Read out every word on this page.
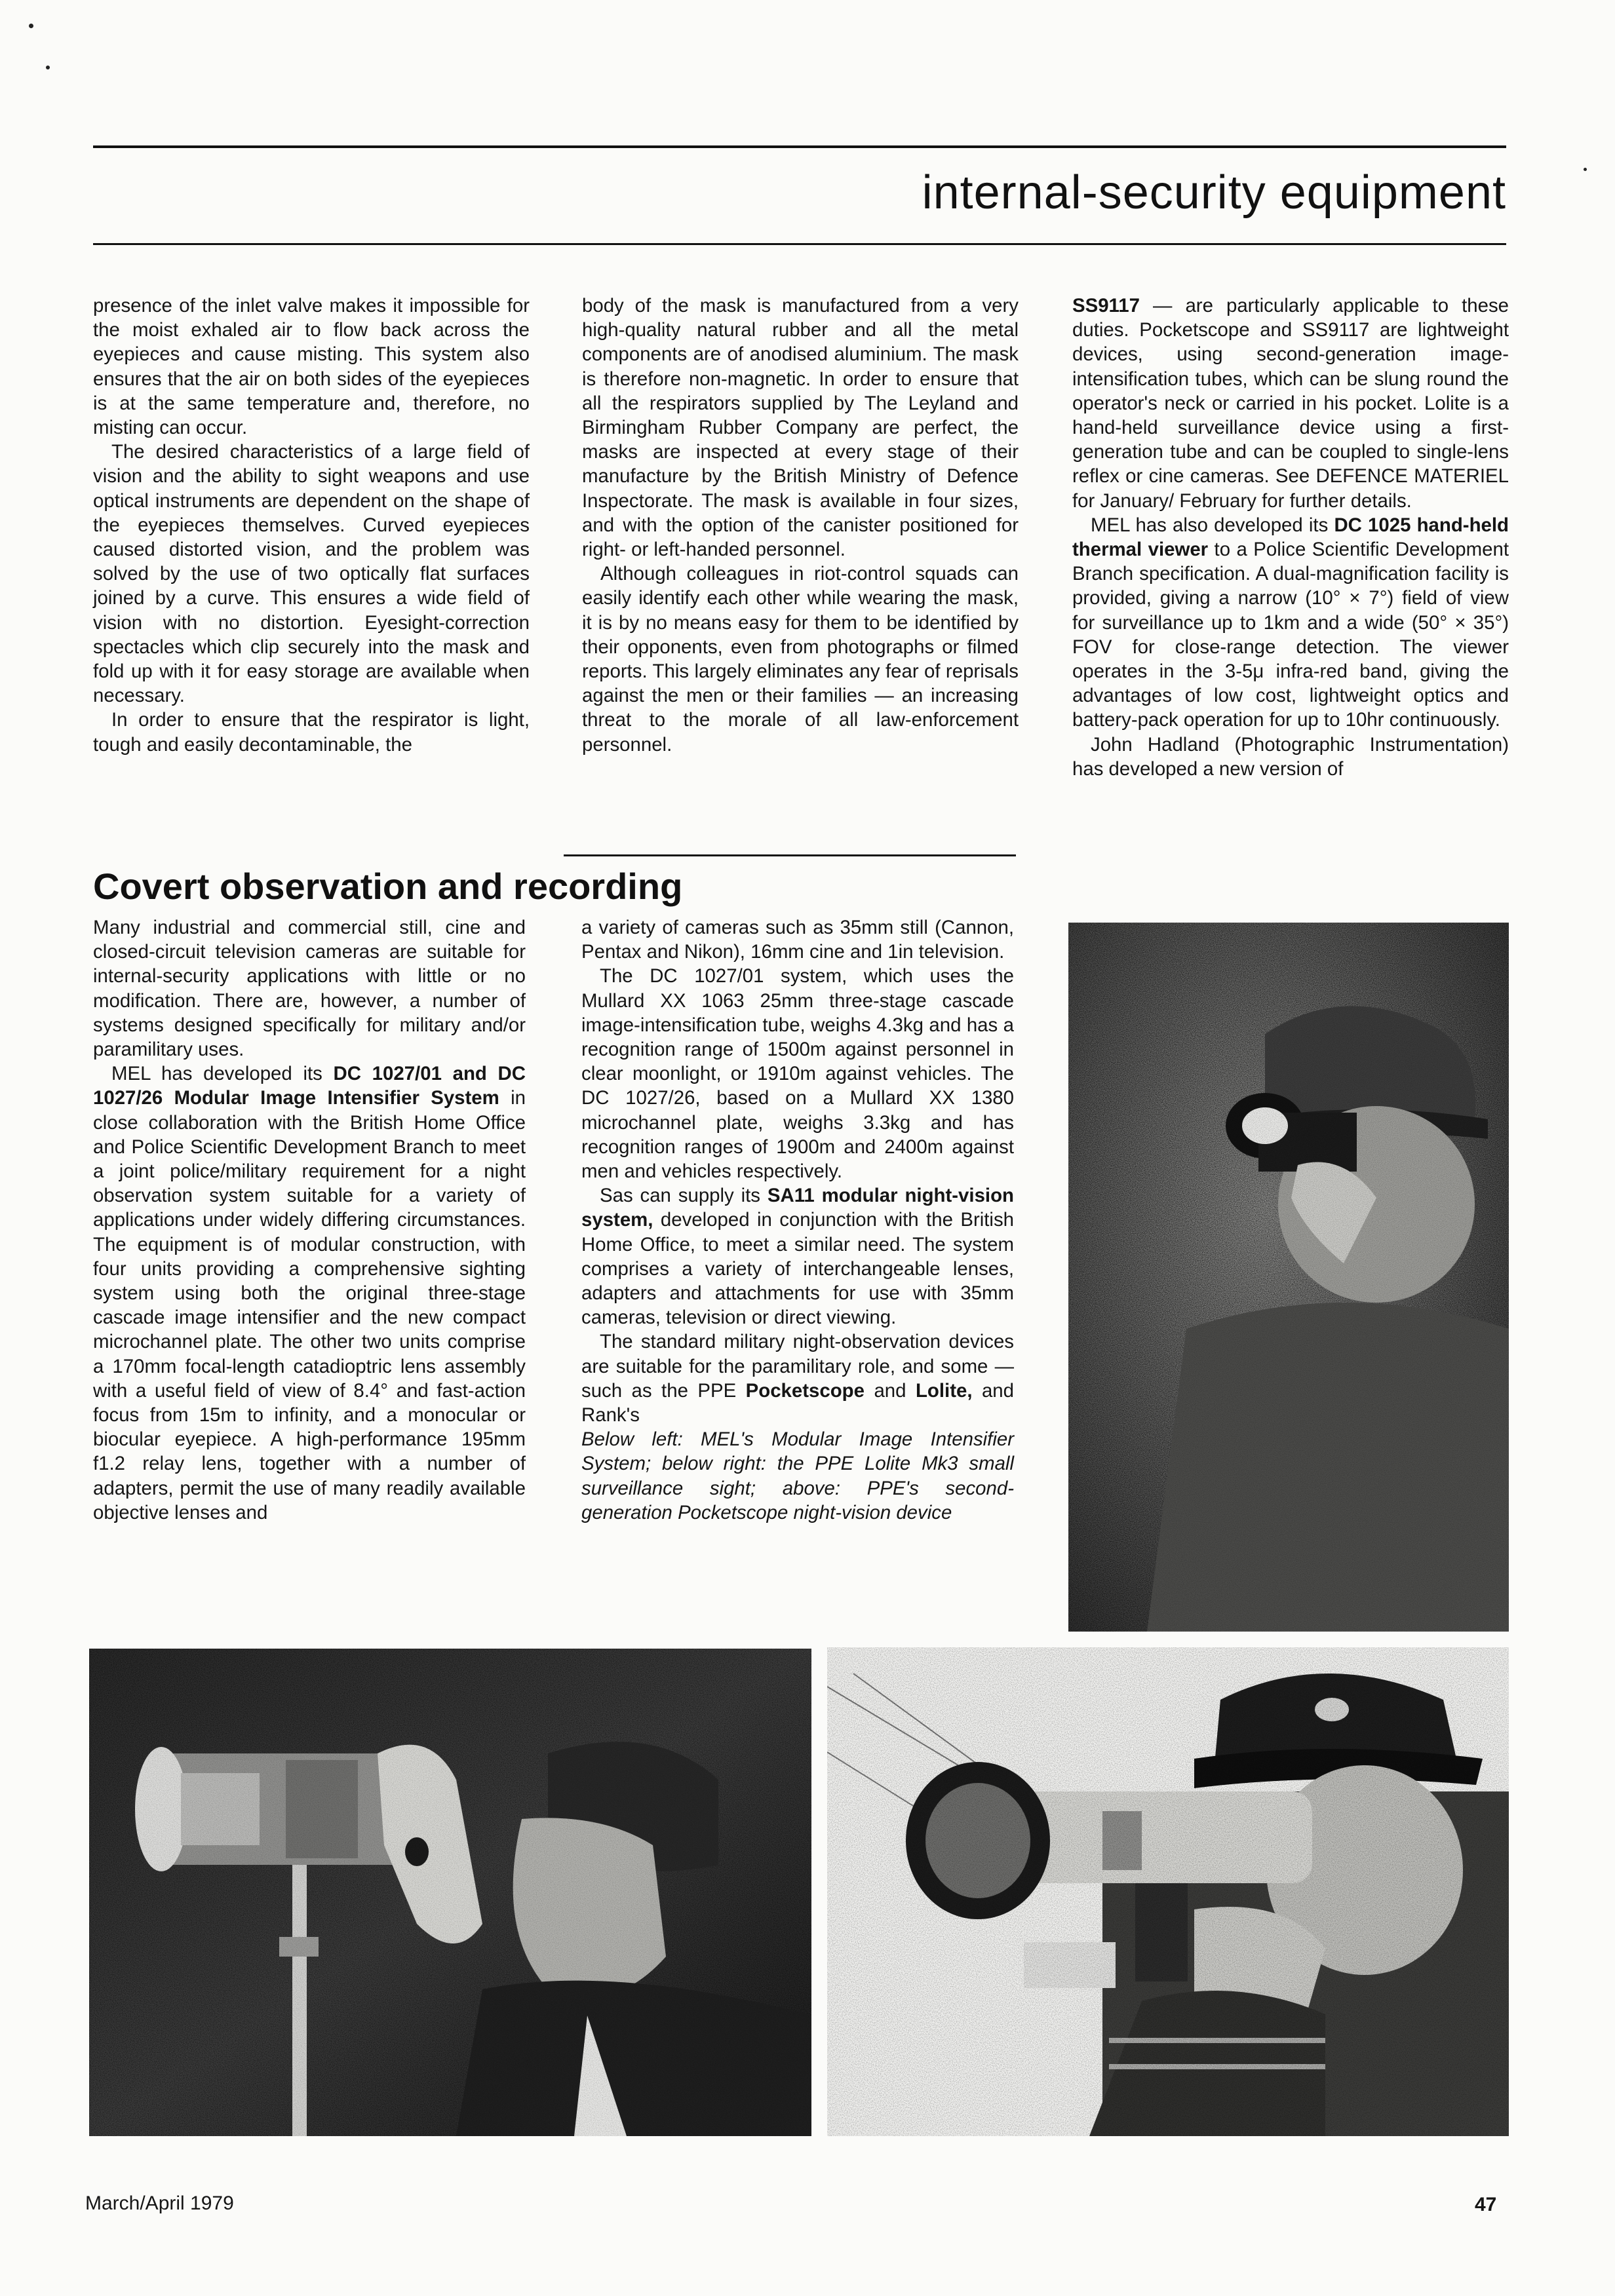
internal-security equipment

presence of the inlet valve makes it impossible for the moist exhaled air to flow back across the eyepieces and cause misting. This system also ensures that the air on both sides of the eyepieces is at the same temperature and, therefore, no misting can occur.

The desired characteristics of a large field of vision and the ability to sight weapons and use optical instruments are dependent on the shape of the eyepieces themselves. Curved eyepieces caused distorted vision, and the problem was solved by the use of two optically flat surfaces joined by a curve. This ensures a wide field of vision with no distortion. Eyesight-correction spectacles which clip securely into the mask and fold up with it for easy storage are available when necessary.

In order to ensure that the respirator is light, tough and easily decontaminable, the

body of the mask is manufactured from a very high-quality natural rubber and all the metal components are of anodised aluminium. The mask is therefore non-magnetic. In order to ensure that all the respirators supplied by The Leyland and Birmingham Rubber Company are perfect, the masks are inspected at every stage of their manufacture by the British Ministry of Defence Inspectorate. The mask is available in four sizes, and with the option of the canister positioned for right- or left-handed personnel.

Although colleagues in riot-control squads can easily identify each other while wearing the mask, it is by no means easy for them to be identified by their opponents, even from photographs or filmed reports. This largely eliminates any fear of reprisals against the men or their families — an increasing threat to the morale of all law-enforcement personnel.

SS9117 — are particularly applicable to these duties. Pocketscope and SS9117 are lightweight devices, using second-generation image-intensification tubes, which can be slung round the operator's neck or carried in his pocket. Lolite is a hand-held surveillance device using a first-generation tube and can be coupled to single-lens reflex or cine cameras. See DEFENCE MATERIEL for January/ February for further details.

MEL has also developed its DC 1025 hand-held thermal viewer to a Police Scientific Development Branch specification. A dual-magnification facility is provided, giving a narrow (10° × 7°) field of view for surveillance up to 1km and a wide (50° × 35°) FOV for close-range detection. The viewer operates in the 3-5μ infra-red band, giving the advantages of low cost, lightweight optics and battery-pack operation for up to 10hr continuously.

John Hadland (Photographic Instrumentation) has developed a new version of

Covert observation and recording

Many industrial and commercial still, cine and closed-circuit television cameras are suitable for internal-security applications with little or no modification. There are, however, a number of systems designed specifically for military and/or paramilitary uses.

MEL has developed its DC 1027/01 and DC 1027/26 Modular Image Intensifier System in close collaboration with the British Home Office and Police Scientific Development Branch to meet a joint police/military requirement for a night observation system suitable for a variety of applications under widely differing circumstances. The equipment is of modular construction, with four units providing a comprehensive sighting system using both the original three-stage cascade image intensifier and the new compact microchannel plate. The other two units comprise a 170mm focal-length catadioptric lens assembly with a useful field of view of 8.4° and fast-action focus from 15m to infinity, and a monocular or biocular eyepiece. A high-performance 195mm f1.2 relay lens, together with a number of adapters, permit the use of many readily available objective lenses and

a variety of cameras such as 35mm still (Cannon, Pentax and Nikon), 16mm cine and 1in television.

The DC 1027/01 system, which uses the Mullard XX 1063 25mm three-stage cascade image-intensification tube, weighs 4.3kg and has a recognition range of 1500m against personnel in clear moonlight, or 1910m against vehicles. The DC 1027/26, based on a Mullard XX 1380 microchannel plate, weighs 3.3kg and has recognition ranges of 1900m and 2400m against men and vehicles respectively.

Sas can supply its SA11 modular night-vision system, developed in conjunction with the British Home Office, to meet a similar need. The system comprises a variety of interchangeable lenses, adapters and attachments for use with 35mm cameras, television or direct viewing.

The standard military night-observation devices are suitable for the paramilitary role, and some — such as the PPE Pocketscope and Lolite, and Rank's

Below left: MEL's Modular Image Intensifier System; below right: the PPE Lolite Mk3 small surveillance sight; above: PPE's second-generation Pocketscope night-vision device

March/April 1979	47
